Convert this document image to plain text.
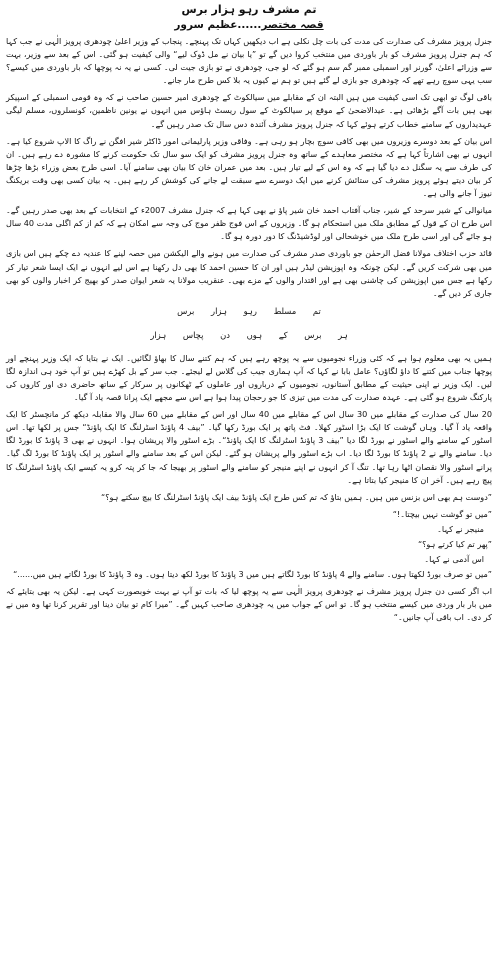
تم مشرف رہو ہزار برس
قصہ مختصر......عظیم سرور

جنرل پرویز مشرف کی صدارت کی مدت کی بات چل نکلی ہے اب دیکھیں کہاں تک پہنچے۔ پنجاب کے وزیر اعلیٰ چودھری پرویز الٰہی نے جب کہا کہ ہم جنرل پرویز مشرف کو بار باوردی میں منتخب کروا دیں گے تو ”یا بیان نے مل ڈوک لیے“ والی کیفیت ہو گئی۔ اس کے بعد سے وزیر، بہت سے وزرائے اعلیٰ، گورنر اور اسمبلی ممبر گم سم ہو گئے کہ لو جی، چودھری نے تو بازی جیت لی۔ کسی نے یہ نہ پوچھا کہ بار باوردی میں کیسے؟ سب یہی سوچ رہے تھے کہ چودھری جو بازی لے گئے ہیں تو ہم نے کیوں یہ بلا کس طرح مار جانے۔

باقی لوگ تو ابھی تک اسی کیفیت میں ہیں البتہ ان کے مقابلے میں سیالکوٹ کے چودھری امیر حسین صاحب نے کہ وہ قومی اسمبلی کے اسپیکر بھی ہیں بات آگے بڑھائی ہے۔ عیدالاضحیٰ کے موقع پر سیالکوٹ کے سول ریسٹ ہاؤس میں انہوں نے یونین ناظمین، کونسلروں، مسلم لیگی عہدیداروں کے سامنے خطاب کرتے ہوئے کہا کہ جنرل پرویز مشرف آئندہ دس سال تک صدر رہیں گے۔

اس بیان کے بعد دوسرے وزیروں میں بھی کافی سوچ بچار ہو رہی ہے۔ وفاقی وزیر پارلیمانی امور ڈاکٹر شیر افگن نے راگ کا الاپ شروع کیا ہے۔ انہوں نے بھی اشارتاً کہا ہے کہ مختصر معاہدے کے ساتھ وہ جنرل پرویز مشرف کو ایک سو سال تک حکومت کرنے کا مشورہ دے رہے ہیں۔ ان کی طرف سے یہ سگنل دے دیا گیا ہے کہ وہ اس کے لیے تیار ہیں۔ بعد میں عمران خان کا بیان بھی سامنے آیا۔ اسی طرح بعض وزراء بڑھا چڑھا کر بیان دیتے ہوئے پرویز مشرف کی ستائش کرنے میں ایک دوسرے سے سبقت لے جانے کی کوشش کر رہے ہیں۔ یہ بیان کسی بھی وقت بریکنگ نیوز آ جانے والی ہے۔

میانوالی کے شیر سرحد کے شیر، جناب آفتاب احمد خان شیر پاؤ نے بھی کہا ہے کہ جنرل مشرف 2007ء کے انتخابات کے بعد بھی صدر رہیں گے۔ اس طرح ان کے قول کے مطابق ملک میں استحکام ہو گا۔ وزیروں کے اس فوج ظفر موج کی وجہ سے امکان ہے کہ کم از کم اگلی مدت 40 سال ہو جائے گی اور اسی طرح ملک میں خوشحالی اور لوڈشیڈنگ کا دور دورہ ہو گا۔

قائد حزب اختلاف مولانا فضل الرحمٰن جو باوردی صدر مشرف کی صدارت میں ہونے والے الیکشن میں حصہ لینے کا عندیہ دے چکے ہیں اس بازی میں بھی شرکت کریں گے۔ لیکن چونکہ وہ اپوزیشن لیڈر ہیں اور ان کا حسین احمد کا بھی دل رکھنا ہے اس لیے انہوں نے ایک ایسا شعر تیار کر رکھا ہے جس میں اپوزیشن کی چاشنی بھی ہے اور اقتدار والوں کے مزے بھی۔ عنقریب مولانا یہ شعر ایوان صدر کو بھیج کر اخبار والوں کو بھی جاری کر دیں گے۔

تم مسلط رہو ہزار برس
ہر برس کے ہوں دن پچاس ہزار

ہمیں یہ بھی معلوم ہوا ہے کہ کئی وزراء نجومیوں سے یہ پوچھ رہے ہیں کہ ہم کتنے سال کا بھاؤ لگائیں۔ ایک نے بتایا کہ ایک وزیر پہنچے اور پوچھا جناب میں کتنے کا داؤ لگاؤں؟ عامل بابا نے کہا کہ آپ ہماری جیب کی گلاس لے لیجئے۔ جب سر کے بل کھڑے ہیں تو آپ خود ہی اندازہ لگا لیں۔ ایک وزیر نے اپنی حیثیت کے مطابق آستانوں، نجومیوں کے درباروں اور عاملوں کے ٹھکانوں پر سرکار کے ساتھ حاضری دی اور کاروں کی پارکنگ شروع ہو گئی ہے۔ عہدہ صدارت کی مدت میں تیزی کا جو رحجان پیدا ہوا ہے اس سے مجھے ایک پرانا قصہ یاد آ گیا۔

20 سال کی صدارت کے مقابلے میں 30 سال اس کے مقابلے میں 40 سال اور اس کے مقابلے میں 60 سال والا مقابلہ دیکھ کر مانچسٹر کا ایک واقعہ یاد آ گیا۔ وہاں گوشت کا ایک بڑا اسٹور کھلا۔ فٹ پاتھ پر ایک بورڈ رکھا گیا۔ ”بیف 4 پاؤنڈ اسٹرلنگ کا ایک پاؤنڈ“ جس پر لکھا تھا۔ اس اسٹور کے سامنے والے اسٹور نے بورڈ لگا دیا ”بیف 3 پاؤنڈ اسٹرلنگ کا ایک پاؤنڈ“۔ بڑے اسٹور والا پریشان ہوا۔ انہوں نے بھی 3 پاؤنڈ کا بورڈ لگا دیا۔ سامنے والے نے 2 پاؤنڈ کا بورڈ لگا دیا۔ اب بڑے اسٹور والے پریشان ہو گئے۔ لیکن اس کے بعد سامنے والے اسٹور پر ایک پاؤنڈ کا بورڈ لگ گیا۔ پرانے اسٹور والا نقصان اٹھا رہا تھا۔ تنگ آ کر انہوں نے اپنے منیجر کو سامنے والے اسٹور پر بھیجا کہ جا کر پتہ کرو یہ کیسے ایک پاؤنڈ اسٹرلنگ کا پیچ رہے ہیں۔ آخر ان کا منیجر کیا بتاتا ہے۔

”دوست ہم بھی اس بزنس میں ہیں۔ ہمیں بتاؤ کہ تم کس طرح ایک پاؤنڈ بیف ایک پاؤنڈ اسٹرلنگ کا بیچ سکتے ہو؟“

”میں تو گوشت نہیں بیچتا۔!“
منیجر نے کہا۔
”پھر تم کیا کرتے ہو؟“
اس آدمی نے کہا۔

”میں تو صرف بورڈ لکھتا ہوں۔ سامنے والے 4 پاؤنڈ کا بورڈ لگاتے ہیں میں 3 پاؤنڈ کا بورڈ لکھ دیتا ہوں۔ وہ 3 پاؤنڈ کا بورڈ لگاتے ہیں میں......“

اب اگر کسی دن جنرل پرویز مشرف نے چودھری پرویز الٰہی سے یہ پوچھ لیا کہ بات تو آپ نے بہت خوبصورت کہی ہے۔ لیکن یہ بھی بتایئے کہ میں بار بار وردی میں کیسے منتخب ہو گا۔ تو اس کے جواب میں یہ چودھری صاحب کہیں گے۔ ”میرا کام تو بیان دینا اور تقریر کرنا تھا وہ میں نے کر دی۔ اب باقی آپ جانیں۔“
